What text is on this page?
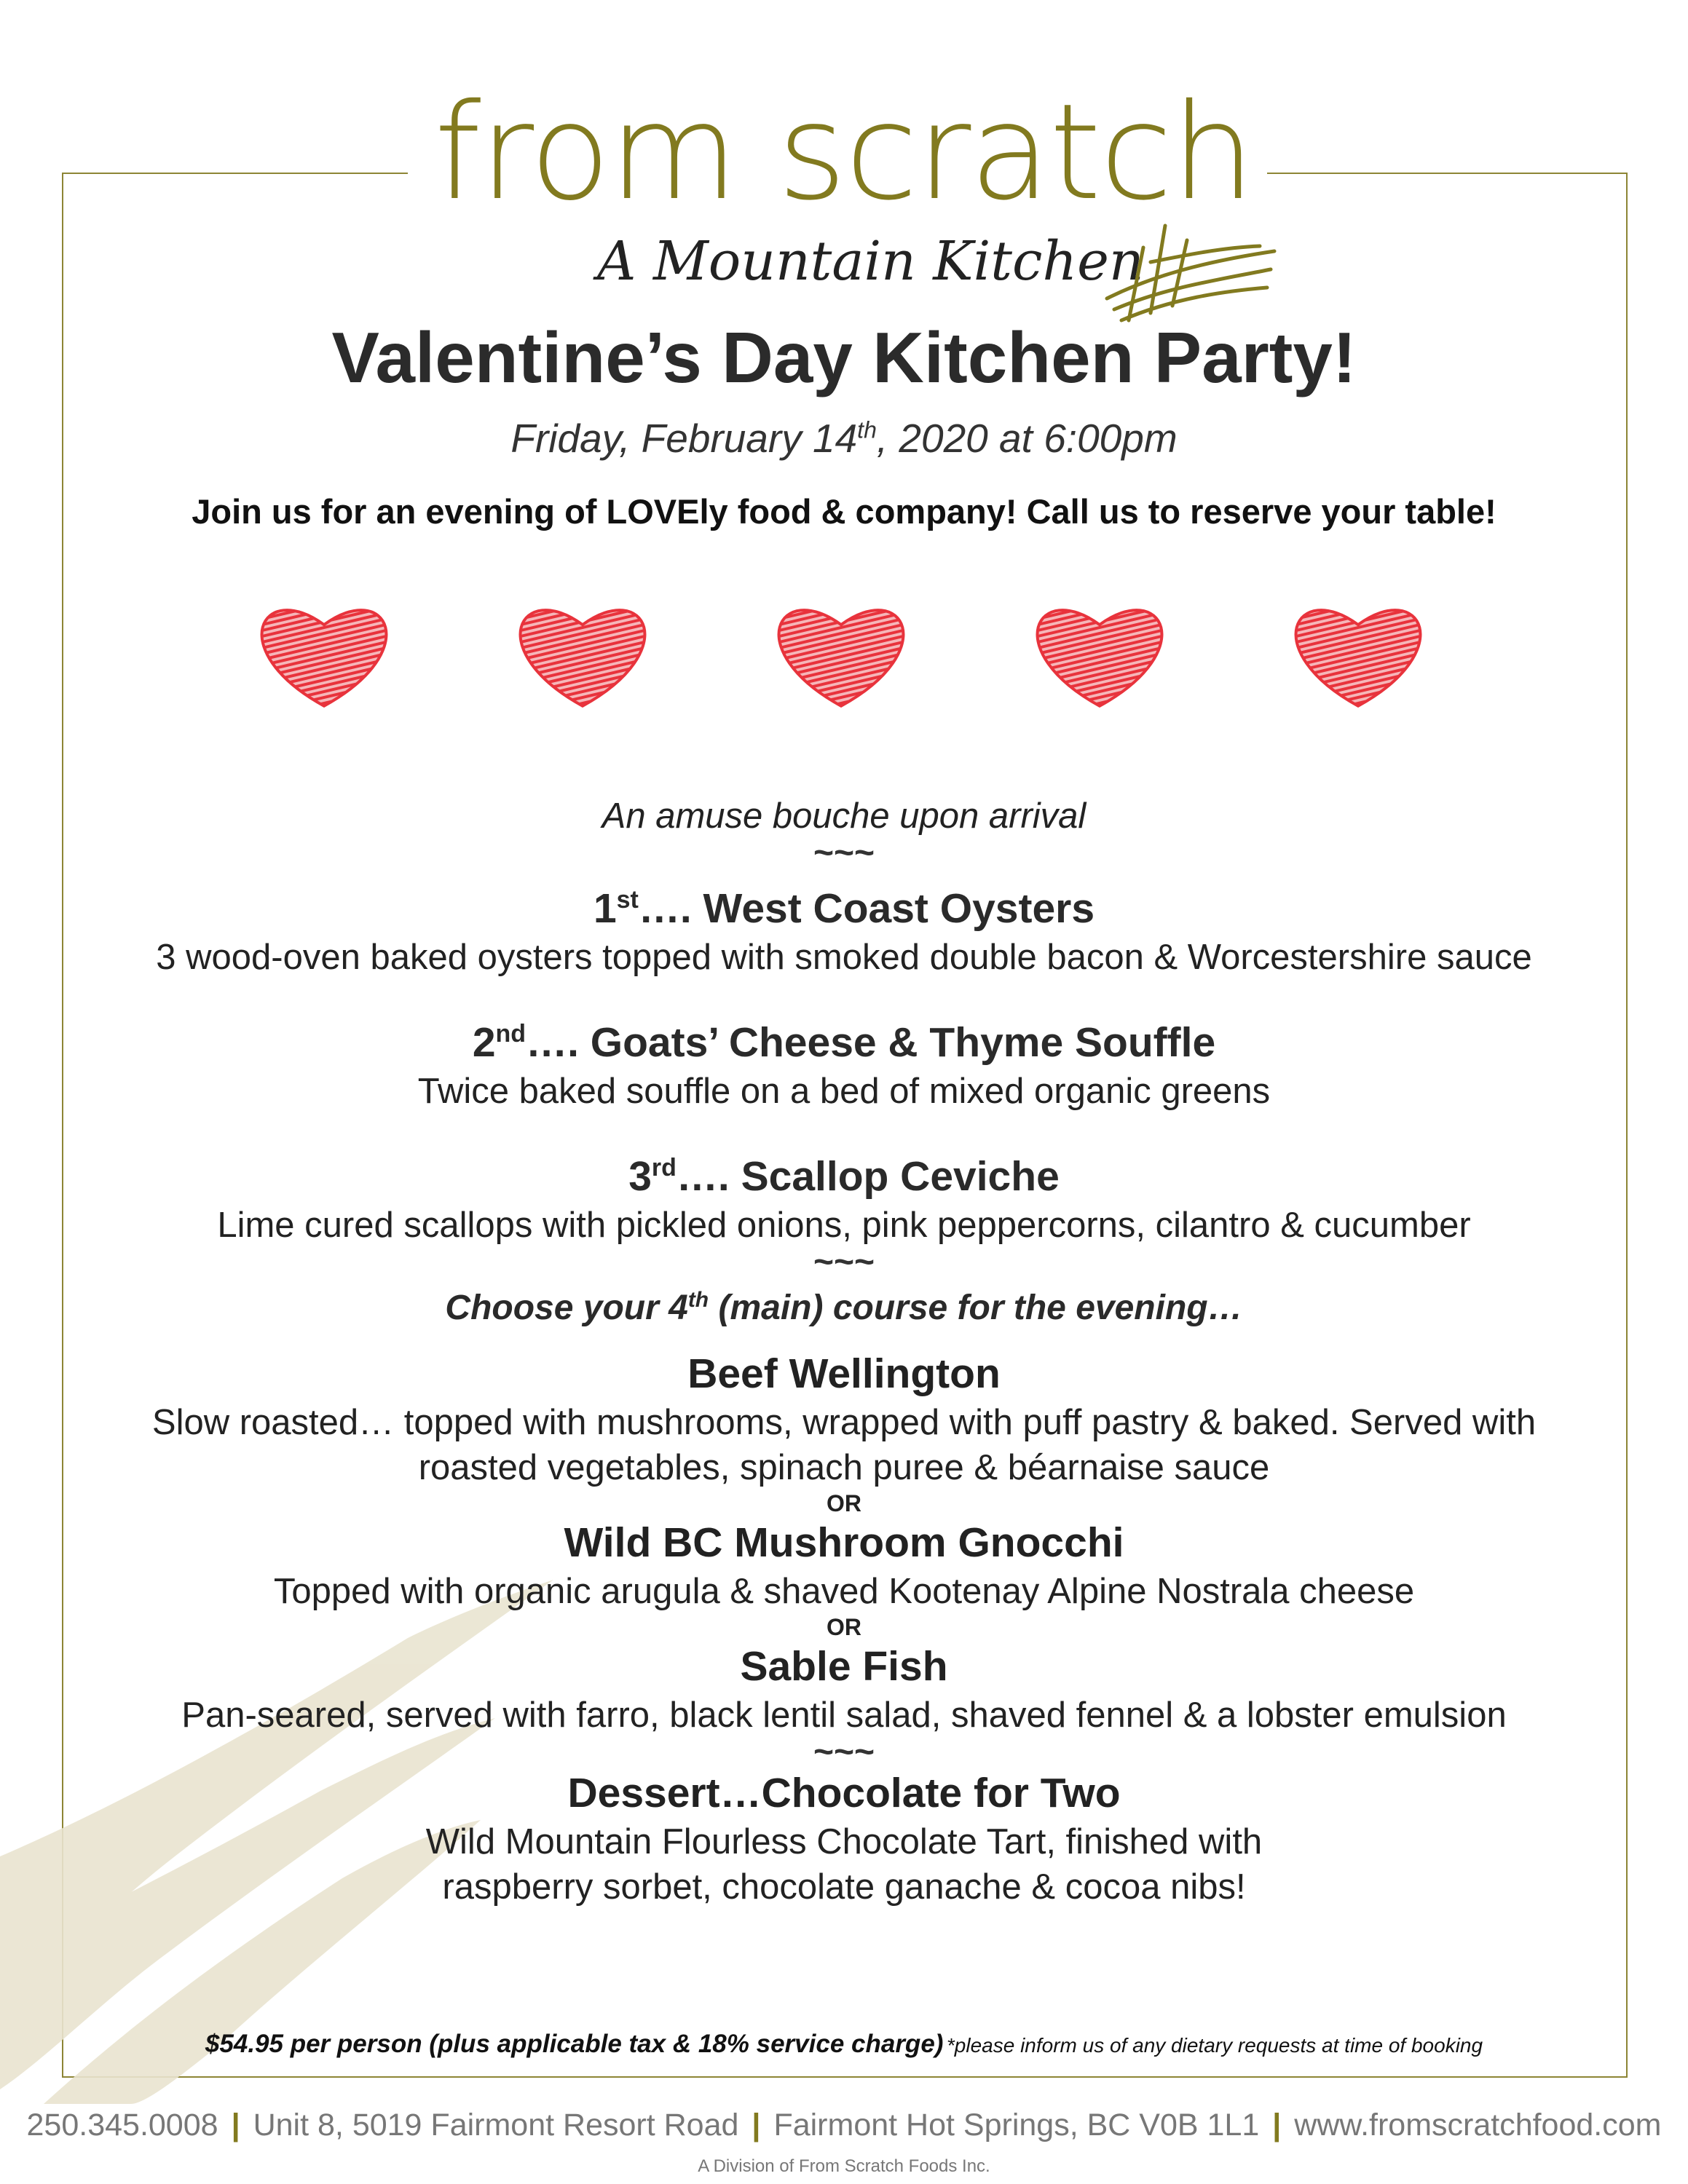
from scratch
A Mountain Kitchen
Valentine’s Day Kitchen Party!
Friday, February 14th, 2020 at 6:00pm
Join us for an evening of LOVEly food & company! Call us to reserve your table!
An amuse bouche upon arrival
~~~
1st…. West Coast Oysters
3 wood-oven baked oysters topped with smoked double bacon & Worcestershire sauce
2nd…. Goats’ Cheese & Thyme Souffle
Twice baked souffle on a bed of mixed organic greens
3rd…. Scallop Ceviche
Lime cured scallops with pickled onions, pink peppercorns, cilantro & cucumber
~~~
Choose your 4th (main) course for the evening…
Beef Wellington
Slow roasted… topped with mushrooms, wrapped with puff pastry & baked. Served with roasted vegetables, spinach puree & béarnaise sauce
OR
Wild BC Mushroom Gnocchi
Topped with organic arugula & shaved Kootenay Alpine Nostrala cheese
OR
Sable Fish
Pan-seared, served with farro, black lentil salad, shaved fennel & a lobster emulsion
~~~
Dessert…Chocolate for Two
Wild Mountain Flourless Chocolate Tart, finished with
raspberry sorbet, chocolate ganache & cocoa nibs!
$54.95 per person (plus applicable tax & 18% service charge) *please inform us of any dietary requests at time of booking
250.345.0008 | Unit 8, 5019 Fairmont Resort Road | Fairmont Hot Springs, BC V0B 1L1 | www.fromscratchfood.com
A Division of From Scratch Foods Inc.
